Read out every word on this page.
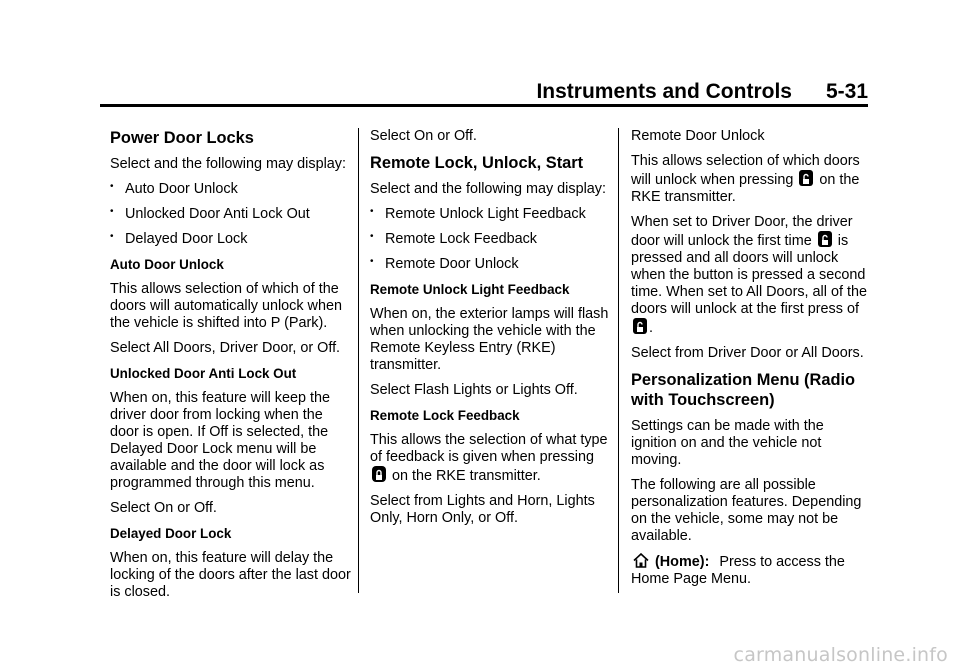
Instruments and Controls 5-31
Power Door Locks

Select and the following may display:

• Auto Door Unlock
• Unlocked Door Anti Lock Out
• Delayed Door Lock

Auto Door Unlock

This allows selection of which of the doors will automatically unlock when the vehicle is shifted into P (Park).

Select All Doors, Driver Door, or Off.

Unlocked Door Anti Lock Out

When on, this feature will keep the driver door from locking when the door is open. If Off is selected, the Delayed Door Lock menu will be available and the door will lock as programmed through this menu.

Select On or Off.

Delayed Door Lock

When on, this feature will delay the locking of the doors after the last door is closed.

Select On or Off.

Remote Lock, Unlock, Start

Select and the following may display:

• Remote Unlock Light Feedback
• Remote Lock Feedback
• Remote Door Unlock

Remote Unlock Light Feedback

When on, the exterior lamps will flash when unlocking the vehicle with the Remote Keyless Entry (RKE) transmitter.

Select Flash Lights or Lights Off.

Remote Lock Feedback

This allows the selection of what type of feedback is given when pressing  on the RKE transmitter.

Select from Lights and Horn, Lights Only, Horn Only, or Off.

Remote Door Unlock

This allows selection of which doors will unlock when pressing on the RKE transmitter.

When set to Driver Door, the driver door will unlock the first time is pressed and all doors will unlock when the button is pressed a second time. When set to All Doors, all of the doors will unlock at the first press of .

Select from Driver Door or All Doors.

Personalization Menu (Radio with Touchscreen)

Settings can be made with the ignition on and the vehicle not moving.

The following are all possible personalization features. Depending on the vehicle, some may not be available.

(Home): Press to access the Home Page Menu.

carmanualsonline.info
